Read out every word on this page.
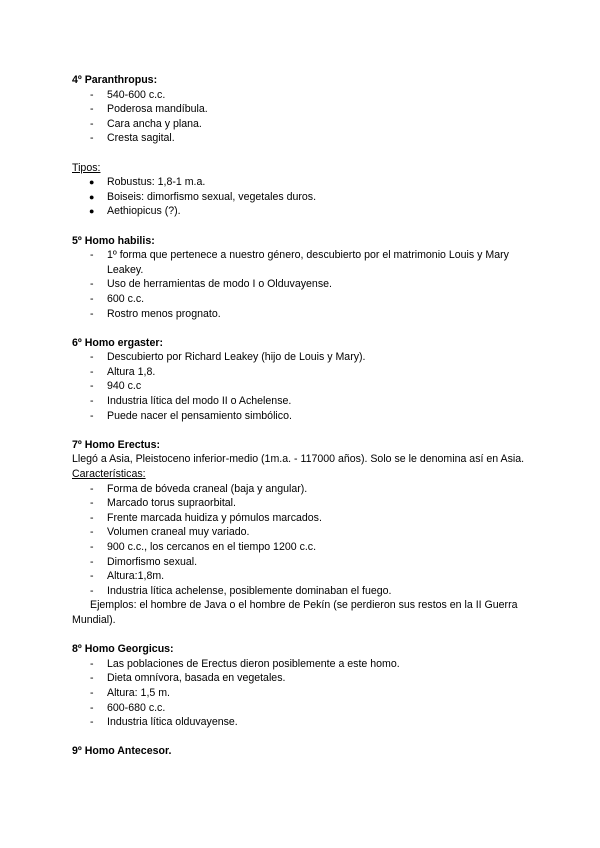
4º Paranthropus:
- 540-600 c.c.
- Poderosa mandíbula.
- Cara ancha y plana.
- Cresta sagital.
Tipos:
● Robustus: 1,8-1 m.a.
● Boiseis: dimorfismo sexual, vegetales duros.
● Aethiopicus (?).
5º Homo habilis:
- 1º forma que pertenece a nuestro género, descubierto por el matrimonio Louis y Mary Leakey.
- Uso de herramientas de modo I o Olduvayense.
- 600 c.c.
- Rostro menos prognato.
6º Homo ergaster:
- Descubierto por Richard Leakey (hijo de Louis y Mary).
- Altura 1,8.
- 940 c.c
- Industria lítica del modo II o Achelense.
- Puede nacer el pensamiento simbólico.
7º Homo Erectus:
Llegó a Asia, Pleistoceno inferior-medio (1m.a. - 117000 años). Solo se le denomina así en Asia.
Características:
- Forma de bóveda craneal (baja y angular).
- Marcado torus supraorbital.
- Frente marcada huidiza y pómulos marcados.
- Volumen craneal muy variado.
- 900 c.c., los cercanos en el tiempo 1200 c.c.
- Dimorfismo sexual.
- Altura:1,8m.
- Industria lítica achelense, posiblemente dominaban el fuego.
Ejemplos: el hombre de Java o el hombre de Pekín (se perdieron sus restos en la II Guerra Mundial).
8º Homo Georgicus:
- Las poblaciones de Erectus dieron posiblemente a este homo.
- Dieta omnívora, basada en vegetales.
- Altura: 1,5 m.
- 600-680 c.c.
- Industria lítica olduvayense.
9º Homo Antecesor.
